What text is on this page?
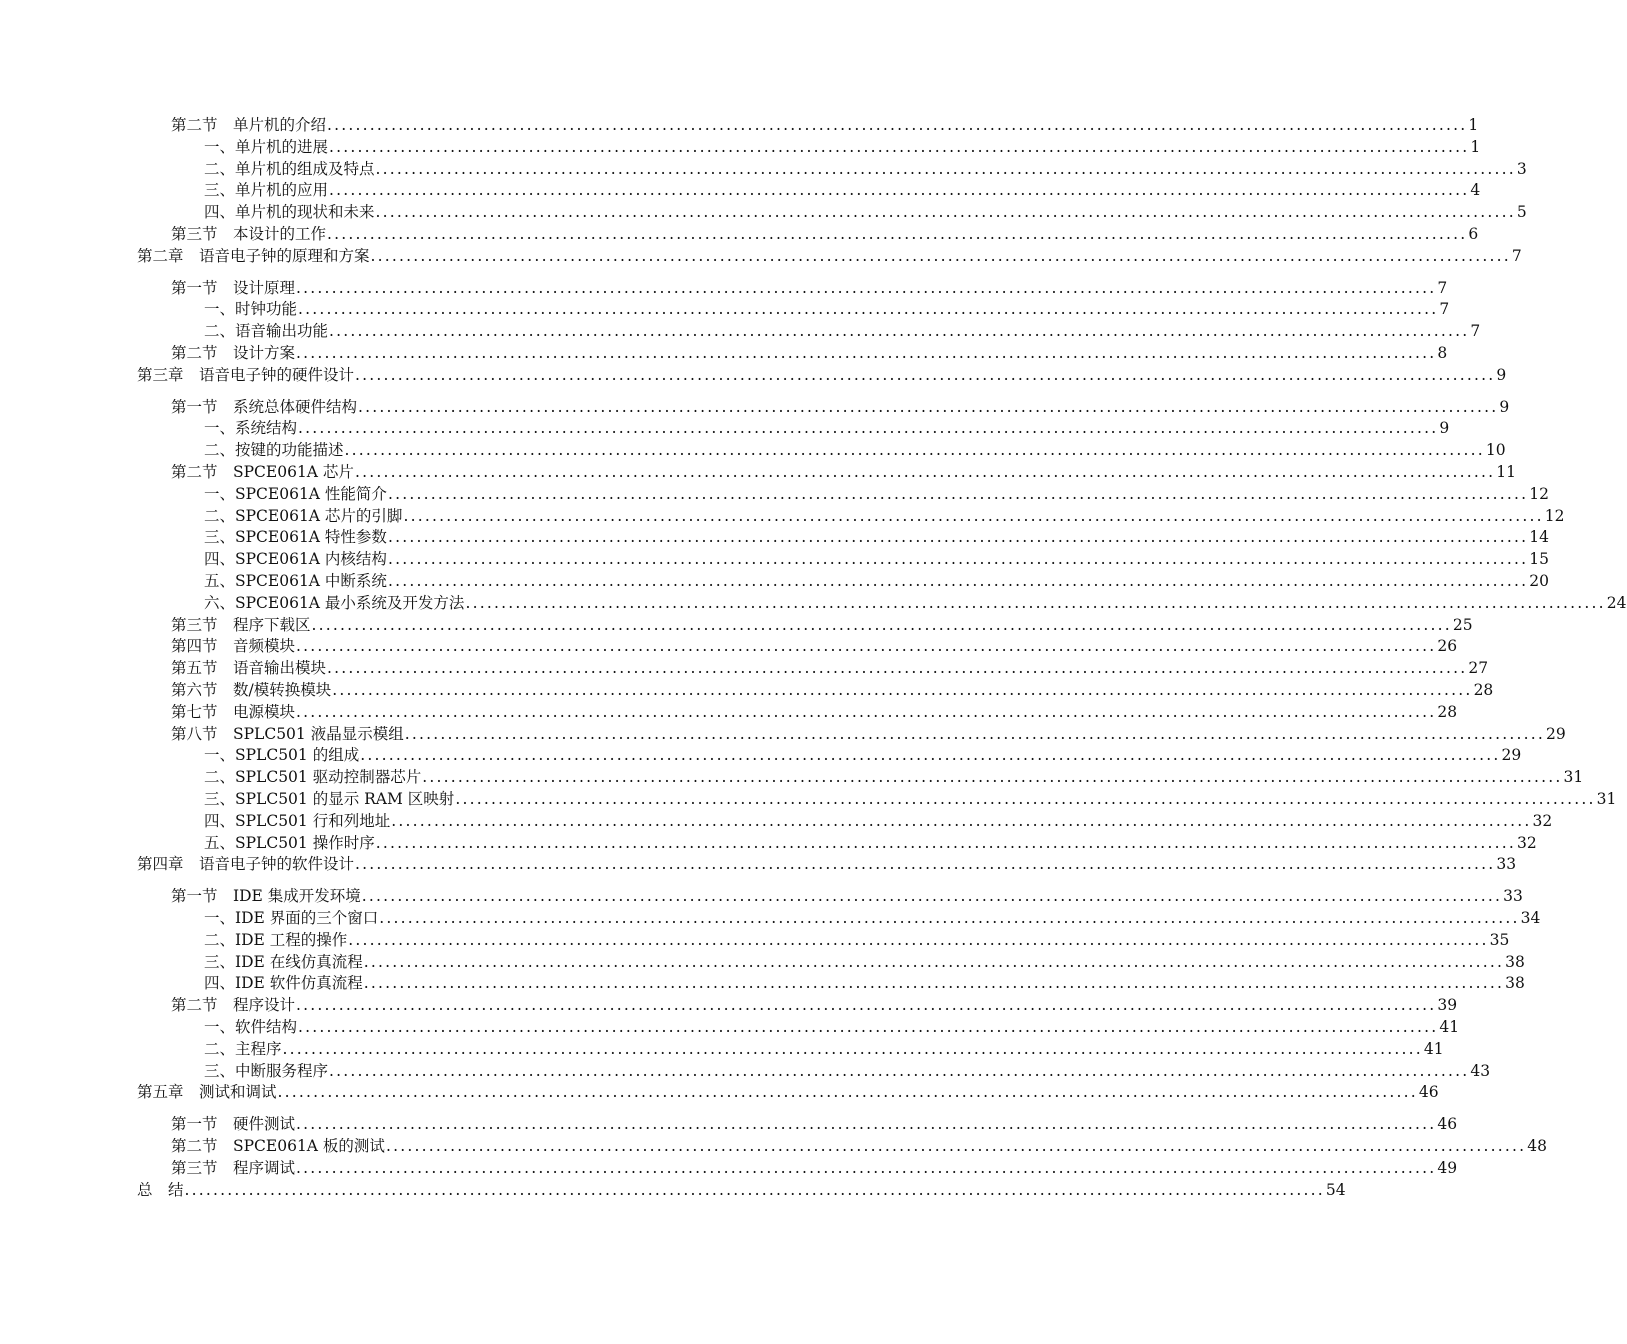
第二节　单片机的介绍 ................................................................................................................................................................ 1
一、单片机的进展 ................................................................................................................................................................ 1
二、单片机的组成及特点 ................................................................................................................................................................ 3
三、单片机的应用 ................................................................................................................................................................ 4
四、单片机的现状和未来 ................................................................................................................................................................ 5
第三节　本设计的工作 ................................................................................................................................................................ 6
第二章　语音电子钟的原理和方案 ................................................................................................................................................................ 7
第一节　设计原理 ................................................................................................................................................................ 7
一、时钟功能 ................................................................................................................................................................ 7
二、语音输出功能 ................................................................................................................................................................ 7
第二节　设计方案 ................................................................................................................................................................ 8
第三章　语音电子钟的硬件设计 ................................................................................................................................................................ 9
第一节　系统总体硬件结构 ................................................................................................................................................................ 9
一、系统结构 ................................................................................................................................................................ 9
二、按键的功能描述 ................................................................................................................................................................ 10
第二节　SPCE061A 芯片 ................................................................................................................................................................ 11
一、SPCE061A 性能简介 ................................................................................................................................................................ 12
二、SPCE061A 芯片的引脚 ................................................................................................................................................................ 12
三、SPCE061A 特性参数 ................................................................................................................................................................ 14
四、SPCE061A 内核结构 ................................................................................................................................................................ 15
五、SPCE061A 中断系统 ................................................................................................................................................................ 20
六、SPCE061A 最小系统及开发方法 ................................................................................................................................................................ 24
第三节　程序下载区 ................................................................................................................................................................ 25
第四节　音频模块 ................................................................................................................................................................ 26
第五节　语音输出模块 ................................................................................................................................................................ 27
第六节　数/模转换模块 ................................................................................................................................................................ 28
第七节　电源模块 ................................................................................................................................................................ 28
第八节　SPLC501 液晶显示模组 ................................................................................................................................................................ 29
一、SPLC501 的组成 ................................................................................................................................................................ 29
二、SPLC501 驱动控制器芯片 ................................................................................................................................................................ 31
三、SPLC501 的显示 RAM 区映射 ................................................................................................................................................................ 31
四、SPLC501 行和列地址 ................................................................................................................................................................ 32
五、SPLC501 操作时序 ................................................................................................................................................................ 32
第四章　语音电子钟的软件设计 ................................................................................................................................................................ 33
第一节　IDE 集成开发环境 ................................................................................................................................................................ 33
一、IDE 界面的三个窗口 ................................................................................................................................................................ 34
二、IDE 工程的操作 ................................................................................................................................................................ 35
三、IDE 在线仿真流程 ................................................................................................................................................................ 38
四、IDE 软件仿真流程 ................................................................................................................................................................ 38
第二节　程序设计 ................................................................................................................................................................ 39
一、软件结构 ................................................................................................................................................................ 41
二、主程序 ................................................................................................................................................................ 41
三、中断服务程序 ................................................................................................................................................................ 43
第五章　测试和调试 ................................................................................................................................................................ 46
第一节　硬件测试 ................................................................................................................................................................ 46
第二节　SPCE061A 板的测试 ................................................................................................................................................................ 48
第三节　程序调试 ................................................................................................................................................................ 49
总　结 ................................................................................................................................................................ 54
